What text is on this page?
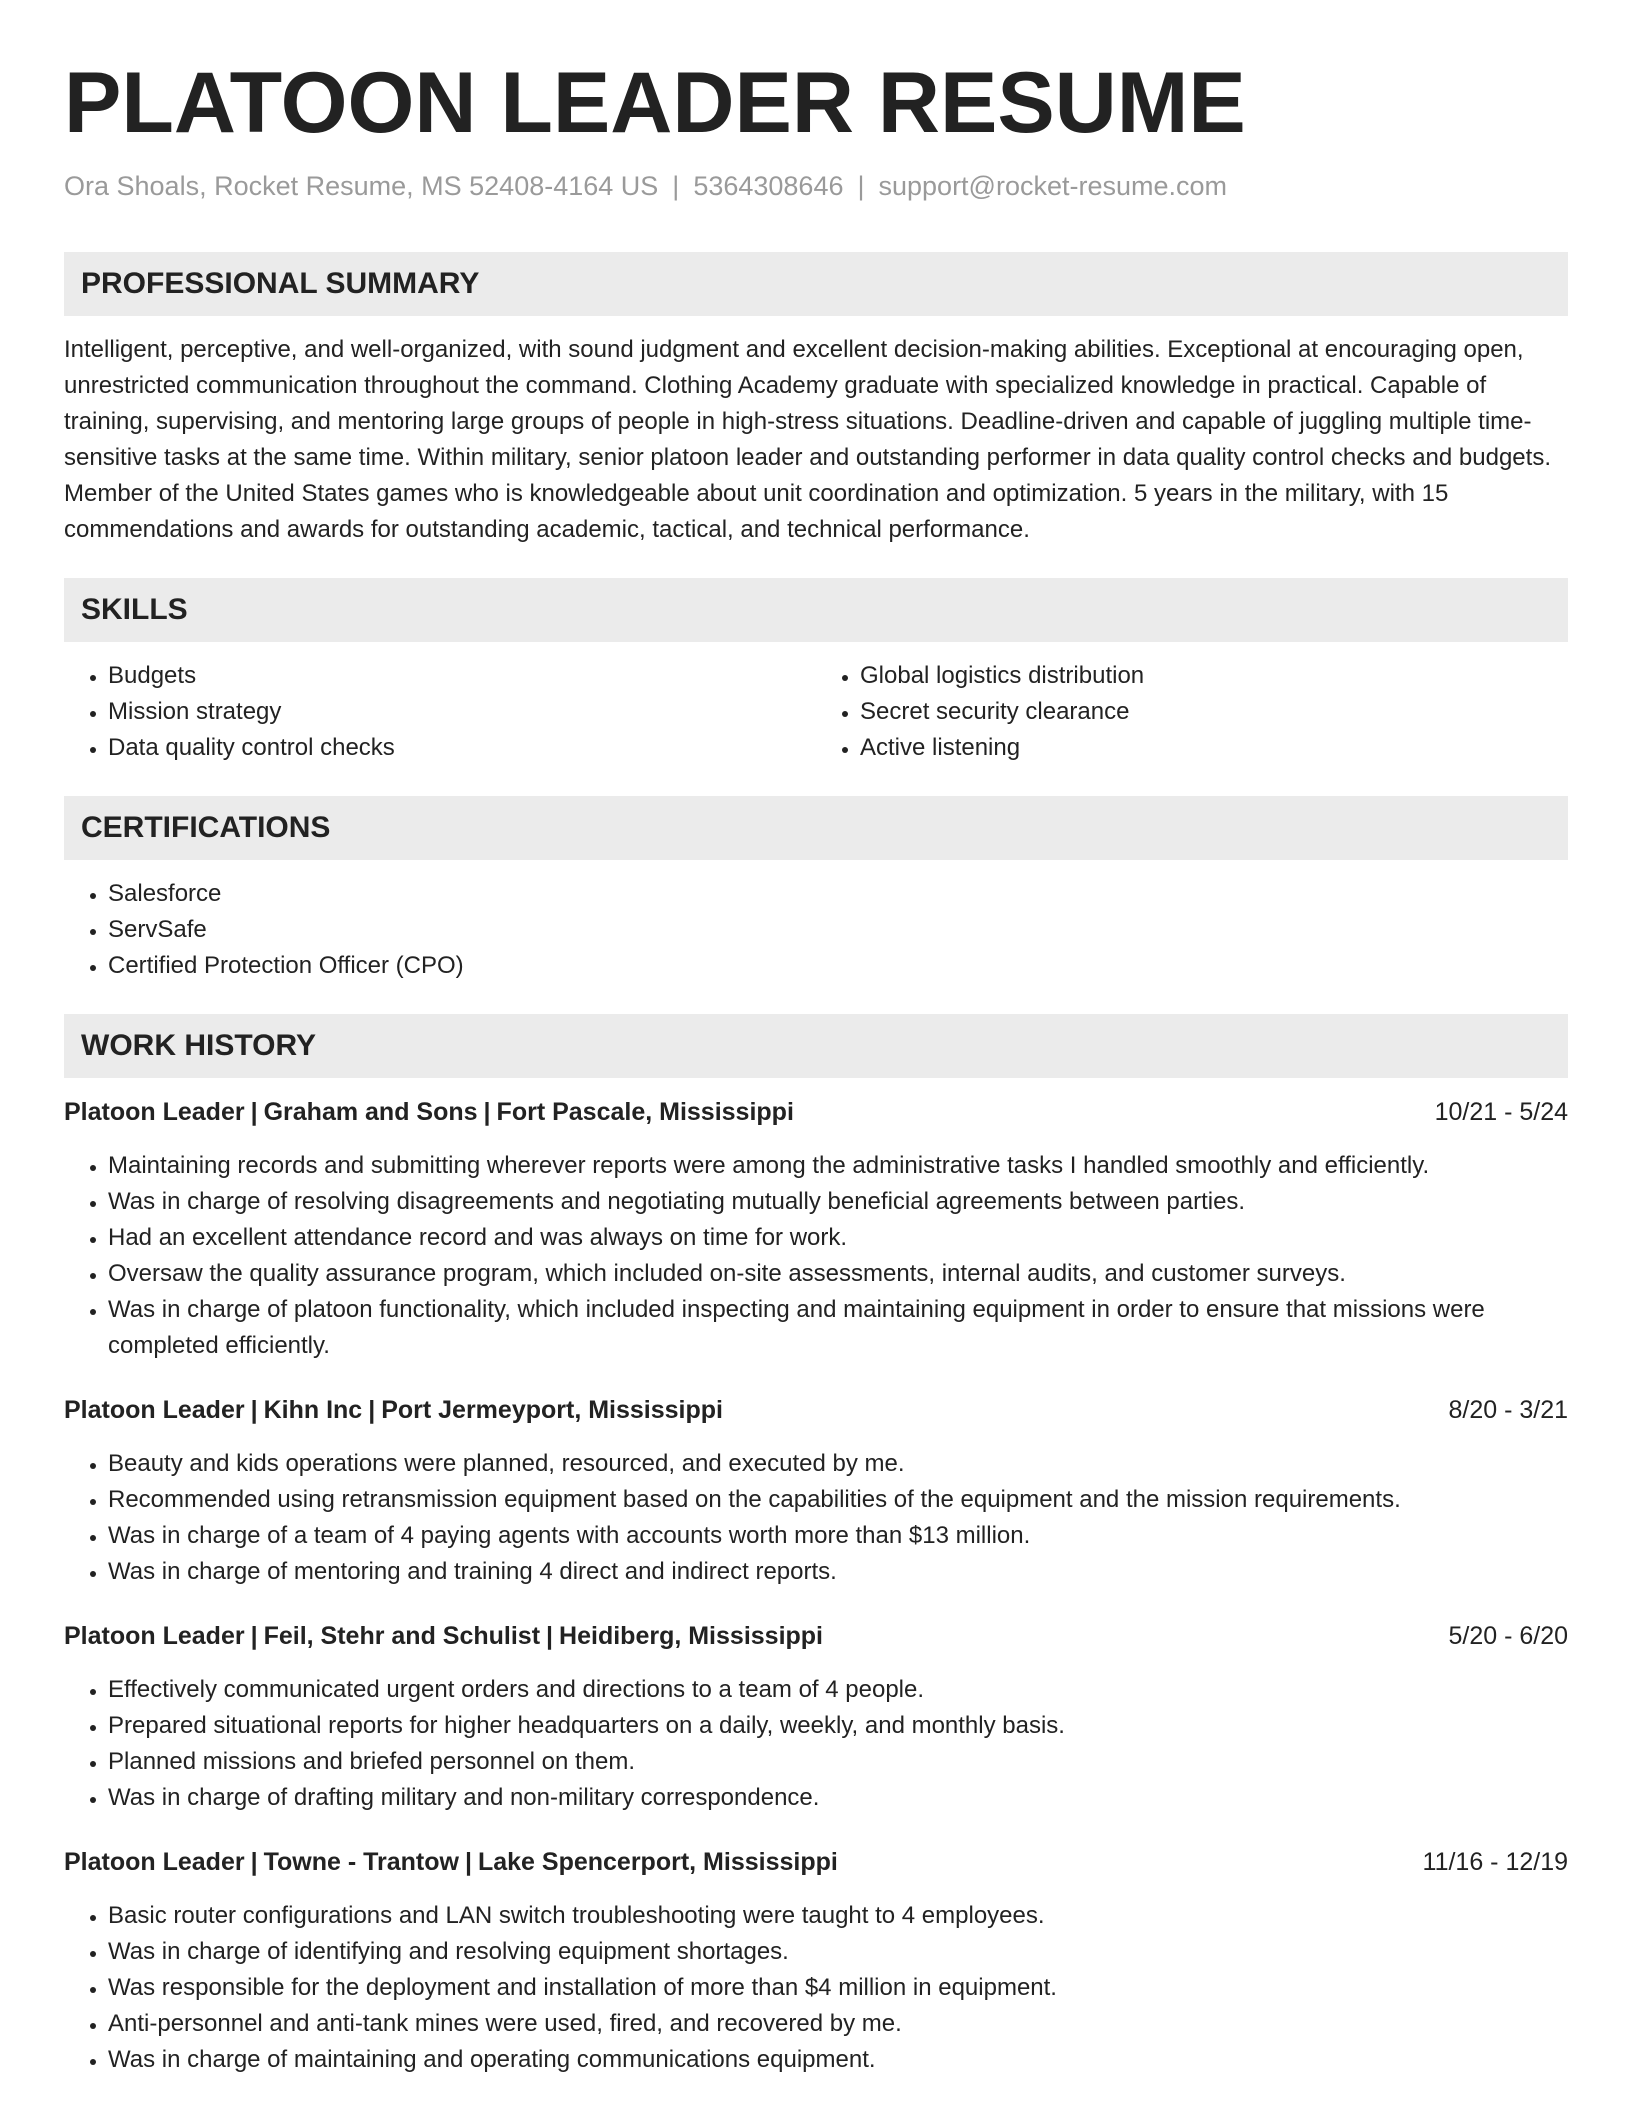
PLATOON LEADER RESUME
Ora Shoals, Rocket Resume, MS 52408-4164 US | 5364308646 | support@rocket-resume.com
PROFESSIONAL SUMMARY

Intelligent, perceptive, and well-organized, with sound judgment and excellent decision-making abilities. Exceptional at encouraging open, unrestricted communication throughout the command. Clothing Academy graduate with specialized knowledge in practical. Capable of training, supervising, and mentoring large groups of people in high-stress situations. Deadline-driven and capable of juggling multiple time-sensitive tasks at the same time. Within military, senior platoon leader and outstanding performer in data quality control checks and budgets. Member of the United States games who is knowledgeable about unit coordination and optimization. 5 years in the military, with 15 commendations and awards for outstanding academic, tactical, and technical performance.

SKILLS
• Budgets
• Mission strategy
• Data quality control checks
• Global logistics distribution
• Secret security clearance
• Active listening
CERTIFICATIONS
• Salesforce
• ServSafe
• Certified Protection Officer (CPO)
WORK HISTORY
Platoon Leader | Graham and Sons | Fort Pascale, Mississippi	10/21 - 5/24
• Maintaining records and submitting wherever reports were among the administrative tasks I handled smoothly and efficiently.
• Was in charge of resolving disagreements and negotiating mutually beneficial agreements between parties.
• Had an excellent attendance record and was always on time for work.
• Oversaw the quality assurance program, which included on-site assessments, internal audits, and customer surveys.
• Was in charge of platoon functionality, which included inspecting and maintaining equipment in order to ensure that missions were completed efficiently.
Platoon Leader | Kihn Inc | Port Jermeyport, Mississippi	8/20 - 3/21
• Beauty and kids operations were planned, resourced, and executed by me.
• Recommended using retransmission equipment based on the capabilities of the equipment and the mission requirements.
• Was in charge of a team of 4 paying agents with accounts worth more than $13 million.
• Was in charge of mentoring and training 4 direct and indirect reports.
Platoon Leader | Feil, Stehr and Schulist | Heidiberg, Mississippi	5/20 - 6/20
• Effectively communicated urgent orders and directions to a team of 4 people.
• Prepared situational reports for higher headquarters on a daily, weekly, and monthly basis.
• Planned missions and briefed personnel on them.
• Was in charge of drafting military and non-military correspondence.
Platoon Leader | Towne - Trantow | Lake Spencerport, Mississippi	11/16 - 12/19
• Basic router configurations and LAN switch troubleshooting were taught to 4 employees.
• Was in charge of identifying and resolving equipment shortages.
• Was responsible for the deployment and installation of more than $4 million in equipment.
• Anti-personnel and anti-tank mines were used, fired, and recovered by me.
• Was in charge of maintaining and operating communications equipment.
